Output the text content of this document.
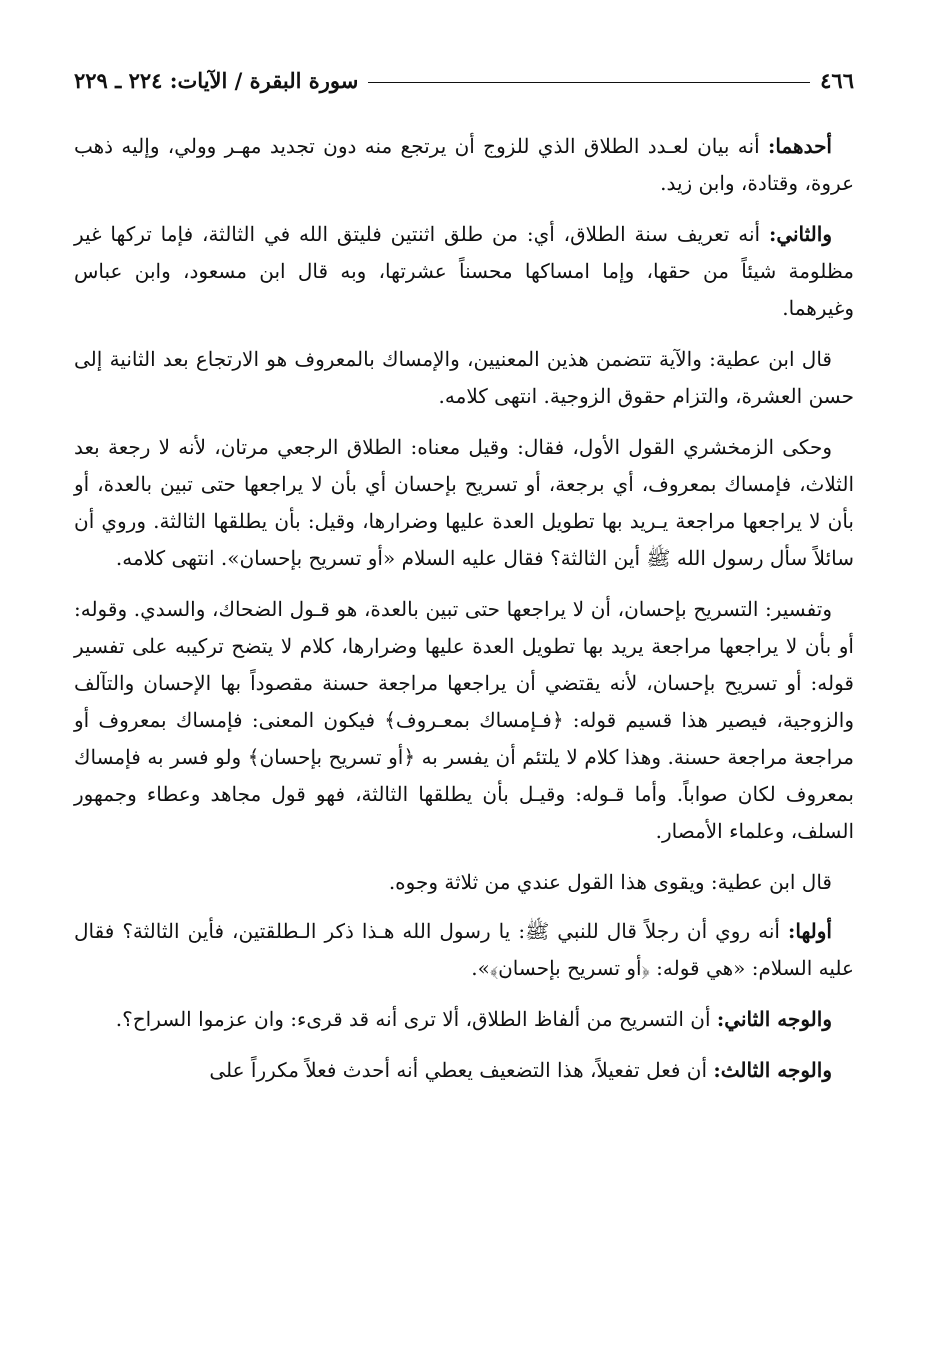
٤٦٦
سورة البقرة / الآيات: ٢٢٤ ـ ٢٢٩

أحدهما: أنه بيان لعـدد الطلاق الذي للزوج أن يرتجع منه دون تجديد مهـر وولي، وإليه ذهب عروة، وقتادة، وابن زيد.

والثاني: أنه تعريف سنة الطلاق، أي: من طلق اثنتين فليتق الله في الثالثة، فإما تركها غير مظلومة شيئاً من حقها، وإما امساكها محسناً عشرتها، وبه قال ابن مسعود، وابن عباس وغيرهما.

قال ابن عطية: والآية تتضمن هذين المعنيين، والإمساك بالمعروف هو الارتجاع بعد الثانية إلى حسن العشرة، والتزام حقوق الزوجية. انتهى كلامه.

وحكى الزمخشري القول الأول، فقال: وقيل معناه: الطلاق الرجعي مرتان، لأنه لا رجعة بعد الثلاث، فإمساك بمعروف، أي برجعة، أو تسريح بإحسان أي بأن لا يراجعها حتى تبين بالعدة، أو بأن لا يراجعها مراجعة يـريد بها تطويل العدة عليها وضرارها، وقيل: بأن يطلقها الثالثة. وروي أن سائلاً سأل رسول الله ﷺ أين الثالثة؟ فقال عليه السلام «أو تسريح بإحسان». انتهى كلامه.

وتفسير: التسريح بإحسان، أن لا يراجعها حتى تبين بالعدة، هو قـول الضحاك، والسدي. وقوله: أو بأن لا يراجعها مراجعة يريد بها تطويل العدة عليها وضرارها، كلام لا يتضح تركيبه على تفسير قوله: أو تسريح بإحسان، لأنه يقتضي أن يراجعها مراجعة حسنة مقصوداً بها الإحسان والتآلف والزوجية، فيصير هذا قسيم قوله: ﴿فـإمساك بمعـروف﴾ فيكون المعنى: فإمساك بمعروف أو مراجعة مراجعة حسنة. وهذا كلام لا يلتئم أن يفسر به ﴿أو تسريح بإحسان﴾ ولو فسر به فإمساك بمعروف لكان صواباً. وأما قـوله: وقيـل بأن يطلقها الثالثة، فهو قول مجاهد وعطاء وجمهور السلف، وعلماء الأمصار.

قال ابن عطية: ويقوى هذا القول عندي من ثلاثة وجوه.

أولها: أنه روي أن رجلاً قال للنبي ﷺ: يا رسول الله هـذا ذكر الـطلقتين، فأين الثالثة؟ فقال عليه السلام: «هي قوله: ﴿أو تسريح بإحسان﴾».

والوجه الثاني: أن التسريح من ألفاظ الطلاق، ألا ترى أنه قد قرىء: وان عزموا السراح؟.

والوجه الثالث: أن فعل تفعيلاً، هذا التضعيف يعطي أنه أحدث فعلاً مكرراً على
